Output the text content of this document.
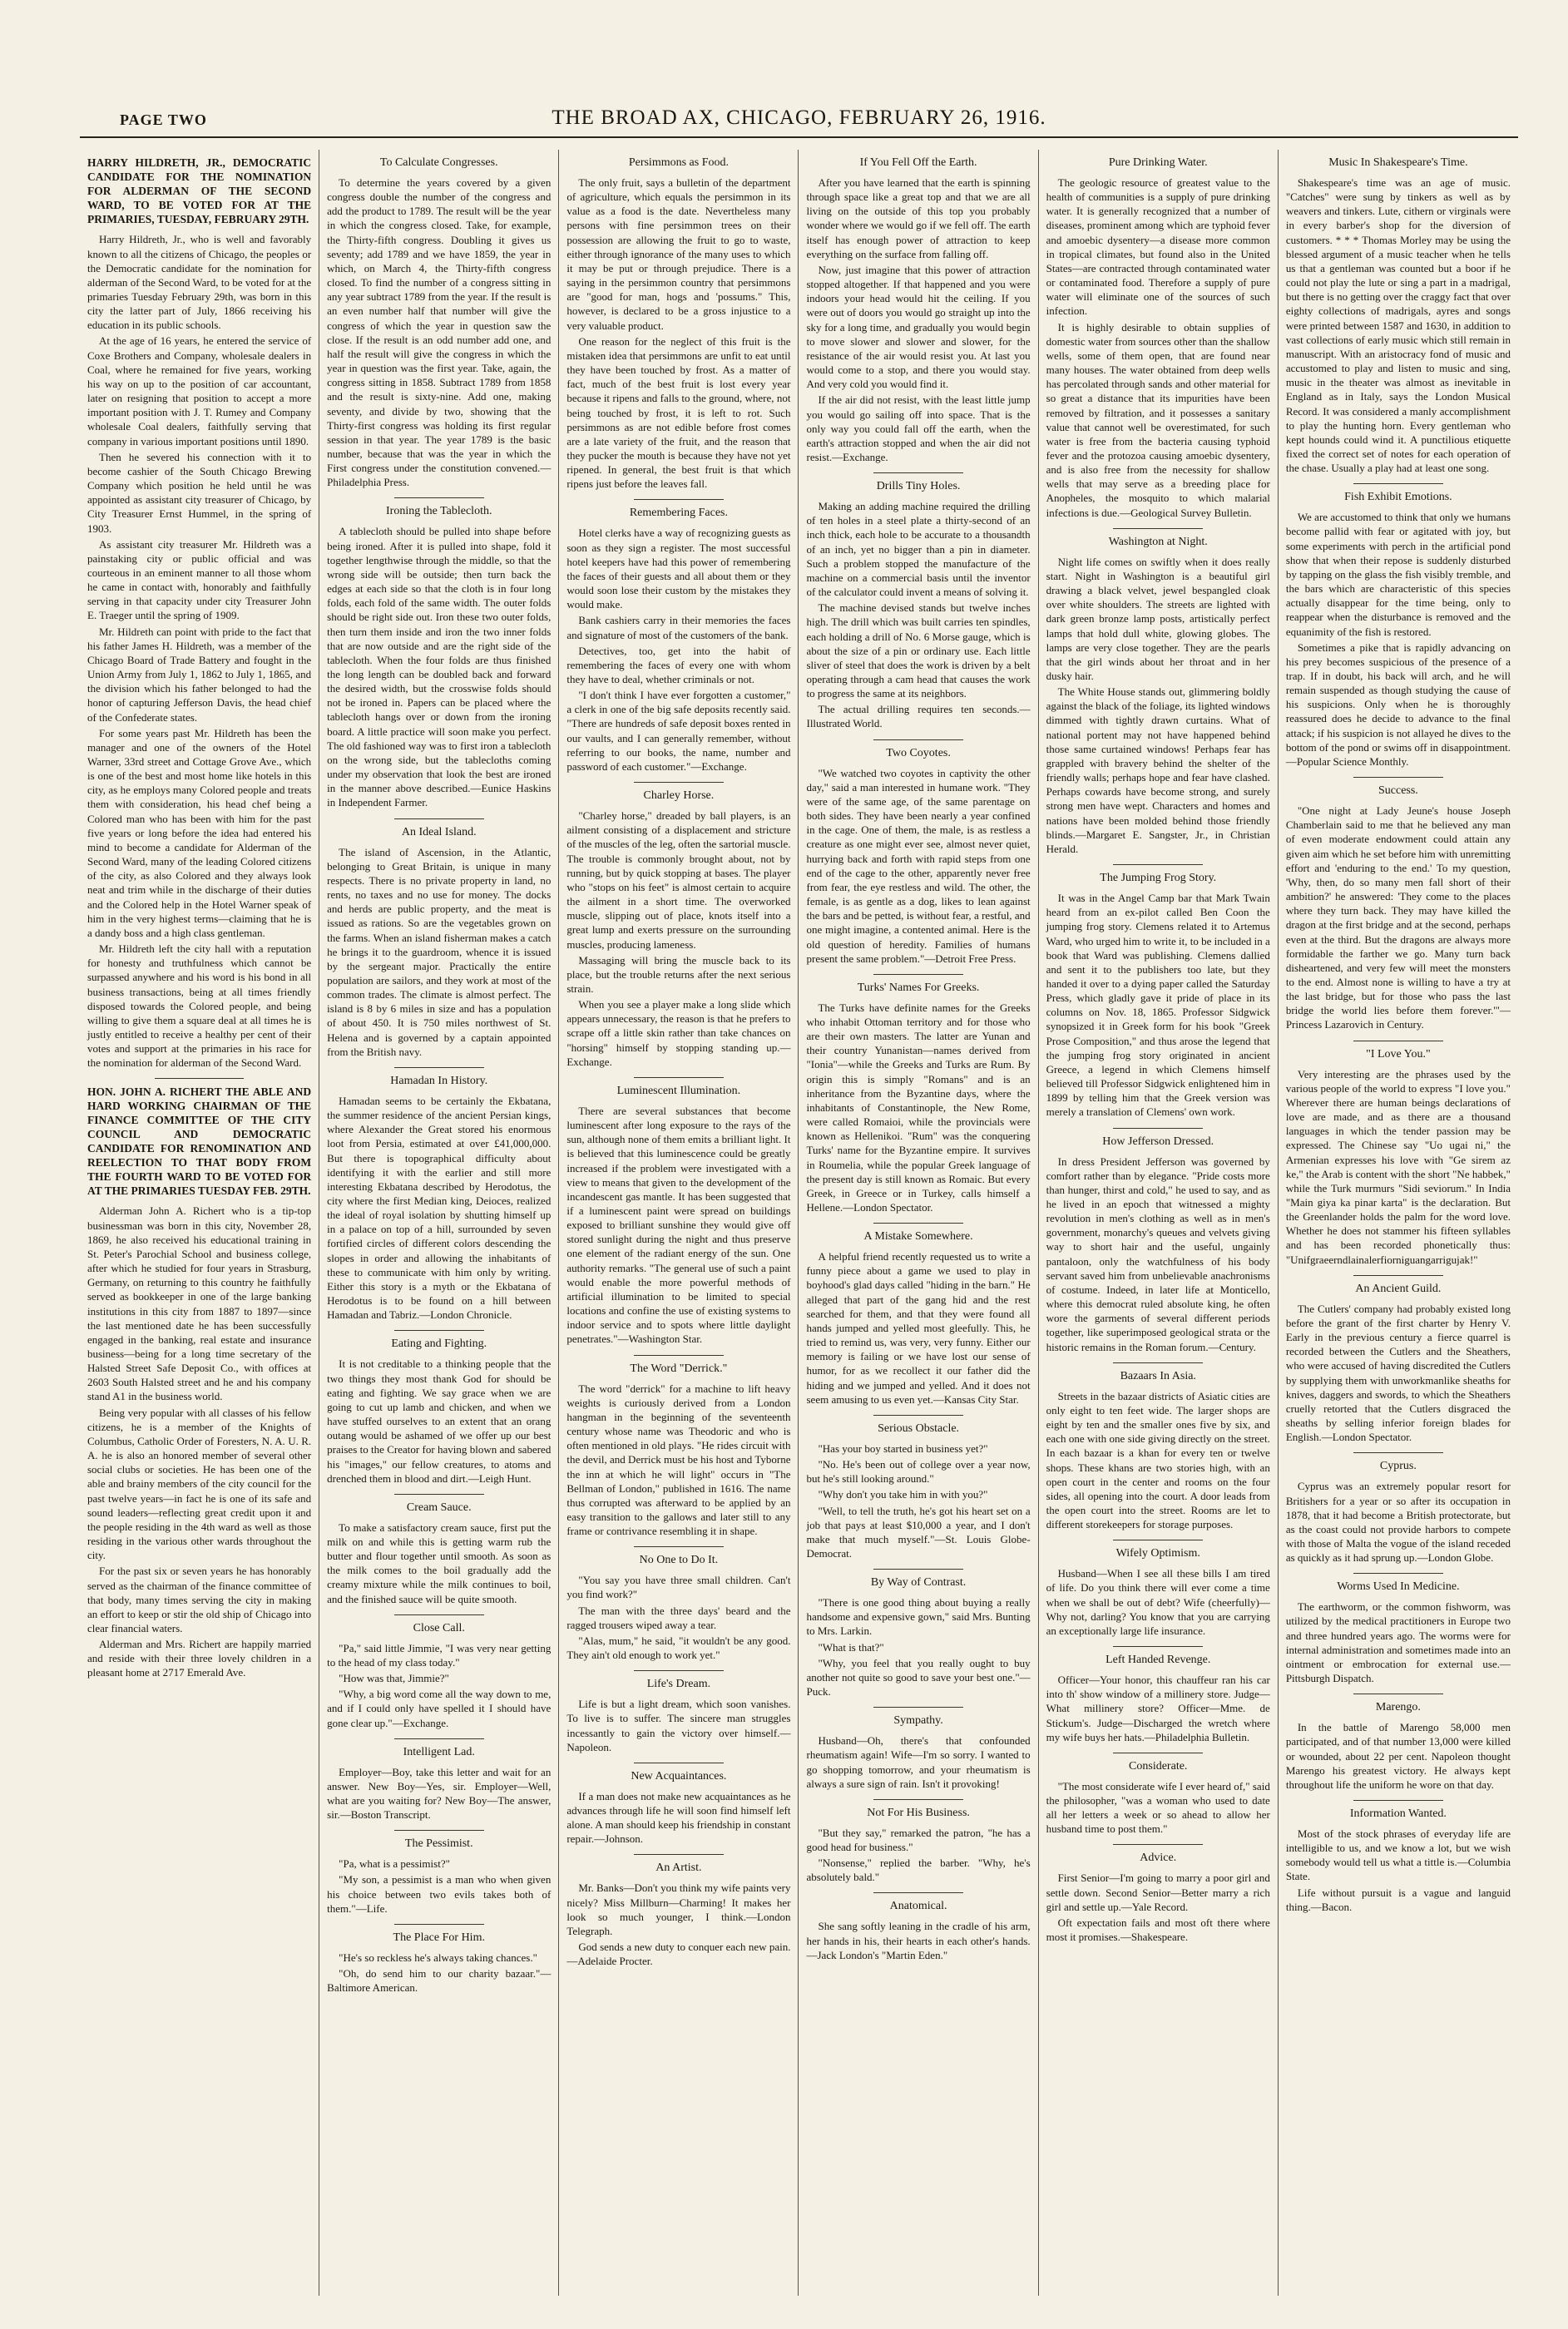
PAGE TWO	THE BROAD AX, CHICAGO, FEBRUARY 26, 1916.
HARRY HILDRETH, JR., DEMOCRATIC CANDIDATE FOR THE NOMINATION FOR ALDERMAN OF THE SECOND WARD, TO BE VOTED FOR AT THE PRIMARIES, TUESDAY, FEBRUARY 29TH.

Harry Hildreth, Jr., who is well and favorably known to all the citizens of Chicago, the peoples or the Democratic candidate for the nomination for alderman of the Second Ward, to be voted for at the primaries Tuesday February 29th, was born in this city the latter part of July, 1866 receiving his education in its public schools.

At the age of 16 years, he entered the service of Coxe Brothers and Company, wholesale dealers in Coal, where he remained for five years, working his way on up to the position of car accountant, later on resigning that position to accept a more important position with J. T. Rumey and Company wholesale Coal dealers, faithfully serving that company in various important positions until 1890.

Then he severed his connection with it to become cashier of the South Chicago Brewing Company which position he held until he was appointed as assistant city treasurer of Chicago, by City Treasurer Ernst Hummel, in the spring of 1903.

As assistant city treasurer Mr. Hildreth was a painstaking city or public official and was courteous in an eminent manner to all those whom he came in contact with, honorably and faithfully serving in that capacity under city Treasurer John E. Traeger until the spring of 1909.

Mr. Hildreth can point with pride to the fact that his father James H. Hildreth, was a member of the Chicago Board of Trade Battery and fought in the Union Army from July 1, 1862 to July 1, 1865, and the division which his father belonged to had the honor of capturing Jefferson Davis, the head chief of the Confederate states.

For some years past Mr. Hildreth has been the manager and one of the owners of the Hotel Warner, 33rd street and Cottage Grove Ave., which is one of the best and most home like hotels in this city, as he employs many Colored people and treats them with consideration, his head chef being a Colored man who has been with him for the past five years or long before the idea had entered his mind to become a candidate for Alderman of the Second Ward, many of the leading Colored citizens of the city, as also Colored and they always look neat and trim while in the discharge of their duties and the Colored help in the Hotel Warner speak of him in the very highest terms—claiming that he is a dandy boss and a high class gentleman.

Mr. Hildreth left the city hall with a reputation for honesty and truthfulness which cannot be surpassed anywhere and his word is his bond in all business transactions, being at all times friendly disposed towards the Colored people, and being willing to give them a square deal at all times he is justly entitled to receive a healthy per cent of their votes and support at the primaries in his race for the nomination for alderman of the Second Ward.

HON. JOHN A. RICHERT THE ABLE AND HARD WORKING CHAIRMAN OF THE FINANCE COMMITTEE OF THE CITY COUNCIL AND DEMOCRATIC CANDIDATE FOR RENOMINATION AND REELECTION TO THAT BODY FROM THE FOURTH WARD TO BE VOTED FOR AT THE PRIMARIES TUESDAY FEB. 29TH.

Alderman John A. Richert who is a tip-top businessman was born in this city, November 28, 1869, he also received his educational training in St. Peter's Parochial School and business college, after which he studied for four years in Strasburg, Germany, on returning to this country he faithfully served as bookkeeper in one of the large banking institutions in this city from 1887 to 1897—since the last mentioned date he has been successfully engaged in the banking, real estate and insurance business—being for a long time secretary of the Halsted Street Safe Deposit Co., with offices at 2603 South Halsted street and he and his company stand A1 in the business world.

Being very popular with all classes of his fellow citizens, he is a member of the Knights of Columbus, Catholic Order of Foresters, N. A. U. R. A. he is also an honored member of several other social clubs or societies. He has been one of the able and brainy members of the city council for the past twelve years—in fact he is one of its safe and sound leaders—reflecting great credit upon it and the people residing in the 4th ward as well as those residing in the various other wards throughout the city.

For the past six or seven years he has honorably served as the chairman of the finance committee of that body, many times serving the city in making an effort to keep or stir the old ship of Chicago into clear financial waters.

Alderman and Mrs. Richert are happily married and reside with their three lovely children in a pleasant home at 2717 Emerald Ave.

To Calculate Congresses.

To determine the years covered by a given congress double the number of the congress and add the product to 1789. The result will be the year in which the congress closed. Take, for example, the Thirty-fifth congress. Doubling it gives us seventy; add 1789 and we have 1859, the year in which, on March 4, the Thirty-fifth congress closed. To find the number of a congress sitting in any year subtract 1789 from the year. If the result is an even number half that number will give the congress of which the year in question saw the close. If the result is an odd number add one, and half the result will give the congress in which the year in question was the first year. Take, again, the congress sitting in 1858. Subtract 1789 from 1858 and the result is sixty-nine. Add one, making seventy, and divide by two, showing that the Thirty-first congress was holding its first regular session in that year. The year 1789 is the basic number, because that was the year in which the First congress under the constitution convened.—Philadelphia Press.

Ironing the Tablecloth.

A tablecloth should be pulled into shape before being ironed. After it is pulled into shape, fold it together lengthwise through the middle, so that the wrong side will be outside; then turn back the edges at each side so that the cloth is in four long folds, each fold of the same width. The outer folds should be right side out. Iron these two outer folds, then turn them inside and iron the two inner folds that are now outside and are the right side of the tablecloth. When the four folds are thus finished the long length can be doubled back and forward the desired width, but the crosswise folds should not be ironed in. Papers can be placed where the tablecloth hangs over or down from the ironing board. A little practice will soon make you perfect. The old fashioned way was to first iron a tablecloth on the wrong side, but the tablecloths coming under my observation that look the best are ironed in the manner above described.—Eunice Haskins in Independent Farmer.

An Ideal Island.

The island of Ascension, in the Atlantic, belonging to Great Britain, is unique in many respects. There is no private property in land, no rents, no taxes and no use for money. The docks and herds are public property, and the meat is issued as rations. So are the vegetables grown on the farms. When an island fisherman makes a catch he brings it to the guardroom, whence it is issued by the sergeant major. Practically the entire population are sailors, and they work at most of the common trades. The climate is almost perfect. The island is 8 by 6 miles in size and has a population of about 450. It is 750 miles northwest of St. Helena and is governed by a captain appointed from the British navy.

Hamadan In History.

Hamadan seems to be certainly the Ekbatana, the summer residence of the ancient Persian kings, where Alexander the Great stored his enormous loot from Persia, estimated at over £41,000,000. But there is topographical difficulty about identifying it with the earlier and still more interesting Ekbatana described by Herodotus, the city where the first Median king, Deioces, realized the ideal of royal isolation by shutting himself up in a palace on top of a hill, surrounded by seven fortified circles of different colors descending the slopes in order and allowing the inhabitants of these to communicate with him only by writing. Either this story is a myth or the Ekbatana of Herodotus is to be found on a hill between Hamadan and Tabriz.—London Chronicle.

Eating and Fighting.

It is not creditable to a thinking people that the two things they most thank God for should be eating and fighting. We say grace when we are going to cut up lamb and chicken, and when we have stuffed ourselves to an extent that an orang outang would be ashamed of we offer up our best praises to the Creator for having blown and sabered his "images," our fellow creatures, to atoms and drenched them in blood and dirt.—Leigh Hunt.

Cream Sauce.

To make a satisfactory cream sauce, first put the milk on and while this is getting warm rub the butter and flour together until smooth. As soon as the milk comes to the boil gradually add the creamy mixture while the milk continues to boil, and the finished sauce will be quite smooth.

Close Call.

"Pa," said little Jimmie, "I was very near getting to the head of my class today."

"How was that, Jimmie?"

"Why, a big word come all the way down to me, and if I could only have spelled it I should have gone clear up."—Exchange.

Intelligent Lad.

Employer—Boy, take this letter and wait for an answer. New Boy—Yes, sir. Employer—Well, what are you waiting for? New Boy—The answer, sir.—Boston Transcript.

The Pessimist.

"Pa, what is a pessimist?"

"My son, a pessimist is a man who when given his choice between two evils takes both of them."—Life.

The Place For Him.

"He's so reckless he's always taking chances."

"Oh, do send him to our charity bazaar."—Baltimore American.

Persimmons as Food.

The only fruit, says a bulletin of the department of agriculture, which equals the persimmon in its value as a food is the date. Nevertheless many persons with fine persimmon trees on their possession are allowing the fruit to go to waste, either through ignorance of the many uses to which it may be put or through prejudice. There is a saying in the persimmon country that persimmons are "good for man, hogs and 'possums." This, however, is declared to be a gross injustice to a very valuable product.

One reason for the neglect of this fruit is the mistaken idea that persimmons are unfit to eat until they have been touched by frost. As a matter of fact, much of the best fruit is lost every year because it ripens and falls to the ground, where, not being touched by frost, it is left to rot. Such persimmons as are not edible before frost comes are a late variety of the fruit, and the reason that they pucker the mouth is because they have not yet ripened. In general, the best fruit is that which ripens just before the leaves fall.

Remembering Faces.

Hotel clerks have a way of recognizing guests as soon as they sign a register. The most successful hotel keepers have had this power of remembering the faces of their guests and all about them or they would soon lose their custom by the mistakes they would make.

Bank cashiers carry in their memories the faces and signature of most of the customers of the bank.

Detectives, too, get into the habit of remembering the faces of every one with whom they have to deal, whether criminals or not.

"I don't think I have ever forgotten a customer," a clerk in one of the big safe deposits recently said. "There are hundreds of safe deposit boxes rented in our vaults, and I can generally remember, without referring to our books, the name, number and password of each customer."—Exchange.

Charley Horse.

"Charley horse," dreaded by ball players, is an ailment consisting of a displacement and stricture of the muscles of the leg, often the sartorial muscle. The trouble is commonly brought about, not by running, but by quick stopping at bases. The player who "stops on his feet" is almost certain to acquire the ailment in a short time. The overworked muscle, slipping out of place, knots itself into a great lump and exerts pressure on the surrounding muscles, producing lameness.

Massaging will bring the muscle back to its place, but the trouble returns after the next serious strain.

When you see a player make a long slide which appears unnecessary, the reason is that he prefers to scrape off a little skin rather than take chances on "horsing" himself by stopping standing up.—Exchange.

Luminescent Illumination.

There are several substances that become luminescent after long exposure to the rays of the sun, although none of them emits a brilliant light. It is believed that this luminescence could be greatly increased if the problem were investigated with a view to means that given to the development of the incandescent gas mantle. It has been suggested that if a luminescent paint were spread on buildings exposed to brilliant sunshine they would give off stored sunlight during the night and thus preserve one element of the radiant energy of the sun. One authority remarks. "The general use of such a paint would enable the more powerful methods of artificial illumination to be limited to special locations and confine the use of existing systems to indoor service and to spots where little daylight penetrates."—Washington Star.

The Word "Derrick."

The word "derrick" for a machine to lift heavy weights is curiously derived from a London hangman in the beginning of the seventeenth century whose name was Theodoric and who is often mentioned in old plays. "He rides circuit with the devil, and Derrick must be his host and Tyborne the inn at which he will light" occurs in "The Bellman of London," published in 1616. The name thus corrupted was afterward to be applied by an easy transition to the gallows and later still to any frame or contrivance resembling it in shape.

No One to Do It.

"You say you have three small children. Can't you find work?"

The man with the three days' beard and the ragged trousers wiped away a tear.

"Alas, mum," he said, "it wouldn't be any good. They ain't old enough to work yet."

Life's Dream.

Life is but a light dream, which soon vanishes. To live is to suffer. The sincere man struggles incessantly to gain the victory over himself.—Napoleon.

New Acquaintances.

If a man does not make new acquaintances as he advances through life he will soon find himself left alone. A man should keep his friendship in constant repair.—Johnson.

An Artist.

Mr. Banks—Don't you think my wife paints very nicely? Miss Millburn—Charming! It makes her look so much younger, I think.—London Telegraph.

God sends a new duty to conquer each new pain.—Adelaide Procter.

If You Fell Off the Earth.

After you have learned that the earth is spinning through space like a great top and that we are all living on the outside of this top you probably wonder where we would go if we fell off. The earth itself has enough power of attraction to keep everything on the surface from falling off.

Now, just imagine that this power of attraction stopped altogether. If that happened and you were indoors your head would hit the ceiling. If you were out of doors you would go straight up into the sky for a long time, and gradually you would begin to move slower and slower and slower, for the resistance of the air would resist you. At last you would come to a stop, and there you would stay. And very cold you would find it.

If the air did not resist, with the least little jump you would go sailing off into space. That is the only way you could fall off the earth, when the earth's attraction stopped and when the air did not resist.—Exchange.

Drills Tiny Holes.

Making an adding machine required the drilling of ten holes in a steel plate a thirty-second of an inch thick, each hole to be accurate to a thousandth of an inch, yet no bigger than a pin in diameter. Such a problem stopped the manufacture of the machine on a commercial basis until the inventor of the calculator could invent a means of solving it.

The machine devised stands but twelve inches high. The drill which was built carries ten spindles, each holding a drill of No. 6 Morse gauge, which is about the size of a pin or ordinary use. Each little sliver of steel that does the work is driven by a belt operating through a cam head that causes the work to progress the same at its neighbors.

The actual drilling requires ten seconds.—Illustrated World.

Two Coyotes.

"We watched two coyotes in captivity the other day," said a man interested in humane work. "They were of the same age, of the same parentage on both sides. They have been nearly a year confined in the cage. One of them, the male, is as restless a creature as one might ever see, almost never quiet, hurrying back and forth with rapid steps from one end of the cage to the other, apparently never free from fear, the eye restless and wild. The other, the female, is as gentle as a dog, likes to lean against the bars and be petted, is without fear, a restful, and one might imagine, a contented animal. Here is the old question of heredity. Families of humans present the same problem."—Detroit Free Press.

Turks' Names For Greeks.

The Turks have definite names for the Greeks who inhabit Ottoman territory and for those who are their own masters. The latter are Yunan and their country Yunanistan—names derived from "Ionia"—while the Greeks and Turks are Rum. By origin this is simply "Romans" and is an inheritance from the Byzantine days, where the inhabitants of Constantinople, the New Rome, were called Romaioi, while the provincials were known as Hellenikoi. "Rum" was the conquering Turks' name for the Byzantine empire. It survives in Roumelia, while the popular Greek language of the present day is still known as Romaic. But every Greek, in Greece or in Turkey, calls himself a Hellene.—London Spectator.

A Mistake Somewhere.

A helpful friend recently requested us to write a funny piece about a game we used to play in boyhood's glad days called "hiding in the barn." He alleged that part of the gang hid and the rest searched for them, and that they were found all hands jumped and yelled most gleefully. This, he tried to remind us, was very, very funny. Either our memory is failing or we have lost our sense of humor, for as we recollect it our father did the hiding and we jumped and yelled. And it does not seem amusing to us even yet.—Kansas City Star.

Serious Obstacle.

"Has your boy started in business yet?"

"No. He's been out of college over a year now, but he's still looking around."

"Why don't you take him in with you?"

"Well, to tell the truth, he's got his heart set on a job that pays at least $10,000 a year, and I don't make that much myself."—St. Louis Globe-Democrat.

By Way of Contrast.

"There is one good thing about buying a really handsome and expensive gown," said Mrs. Bunting to Mrs. Larkin.

"What is that?"

"Why, you feel that you really ought to buy another not quite so good to save your best one."—Puck.

Sympathy.

Husband—Oh, there's that confounded rheumatism again! Wife—I'm so sorry. I wanted to go shopping tomorrow, and your rheumatism is always a sure sign of rain. Isn't it provoking!

Not For His Business.

"But they say," remarked the patron, "he has a good head for business."

"Nonsense," replied the barber. "Why, he's absolutely bald."

Anatomical.

She sang softly leaning in the cradle of his arm, her hands in his, their hearts in each other's hands.—Jack London's "Martin Eden."

Pure Drinking Water.

The geologic resource of greatest value to the health of communities is a supply of pure drinking water. It is generally recognized that a number of diseases, prominent among which are typhoid fever and amoebic dysentery—a disease more common in tropical climates, but found also in the United States—are contracted through contaminated water or contaminated food. Therefore a supply of pure water will eliminate one of the sources of such infection.

It is highly desirable to obtain supplies of domestic water from sources other than the shallow wells, some of them open, that are found near many houses. The water obtained from deep wells has percolated through sands and other material for so great a distance that its impurities have been removed by filtration, and it possesses a sanitary value that cannot well be overestimated, for such water is free from the bacteria causing typhoid fever and the protozoa causing amoebic dysentery, and is also free from the necessity for shallow wells that may serve as a breeding place for Anopheles, the mosquito to which malarial infections is due.—Geological Survey Bulletin.

Washington at Night.

Night life comes on swiftly when it does really start. Night in Washington is a beautiful girl drawing a black velvet, jewel bespangled cloak over white shoulders. The streets are lighted with dark green bronze lamp posts, artistically perfect lamps that hold dull white, glowing globes. The lamps are very close together. They are the pearls that the girl winds about her throat and in her dusky hair.

The White House stands out, glimmering boldly against the black of the foliage, its lighted windows dimmed with tightly drawn curtains. What of national portent may not have happened behind those same curtained windows! Perhaps fear has grappled with bravery behind the shelter of the friendly walls; perhaps hope and fear have clashed. Perhaps cowards have become strong, and surely strong men have wept. Characters and homes and nations have been molded behind those friendly blinds.—Margaret E. Sangster, Jr., in Christian Herald.

The Jumping Frog Story.

It was in the Angel Camp bar that Mark Twain heard from an ex-pilot called Ben Coon the jumping frog story. Clemens related it to Artemus Ward, who urged him to write it, to be included in a book that Ward was publishing. Clemens dallied and sent it to the publishers too late, but they handed it over to a dying paper called the Saturday Press, which gladly gave it pride of place in its columns on Nov. 18, 1865. Professor Sidgwick synopsized it in Greek form for his book "Greek Prose Composition," and thus arose the legend that the jumping frog story originated in ancient Greece, a legend in which Clemens himself believed till Professor Sidgwick enlightened him in 1899 by telling him that the Greek version was merely a translation of Clemens' own work.

How Jefferson Dressed.

In dress President Jefferson was governed by comfort rather than by elegance. "Pride costs more than hunger, thirst and cold," he used to say, and as he lived in an epoch that witnessed a mighty revolution in men's clothing as well as in men's government, monarchy's queues and velvets giving way to short hair and the useful, ungainly pantaloon, only the watchfulness of his body servant saved him from unbelievable anachronisms of costume. Indeed, in later life at Monticello, where this democrat ruled absolute king, he often wore the garments of several different periods together, like superimposed geological strata or the historic remains in the Roman forum.—Century.

Bazaars In Asia.

Streets in the bazaar districts of Asiatic cities are only eight to ten feet wide. The larger shops are eight by ten and the smaller ones five by six, and each one with one side giving directly on the street. In each bazaar is a khan for every ten or twelve shops. These khans are two stories high, with an open court in the center and rooms on the four sides, all opening into the court. A door leads from the open court into the street. Rooms are let to different storekeepers for storage purposes.

Wifely Optimism.

Husband—When I see all these bills I am tired of life. Do you think there will ever come a time when we shall be out of debt? Wife (cheerfully)—Why not, darling? You know that you are carrying an exceptionally large life insurance.

Left Handed Revenge.

Officer—Your honor, this chauffeur ran his car into th' show window of a millinery store. Judge—What millinery store? Officer—Mme. de Stickum's. Judge—Discharged the wretch where my wife buys her hats.—Philadelphia Bulletin.

Considerate.

"The most considerate wife I ever heard of," said the philosopher, "was a woman who used to date all her letters a week or so ahead to allow her husband time to post them."

Advice.

First Senior—I'm going to marry a poor girl and settle down. Second Senior—Better marry a rich girl and settle up.—Yale Record.

Oft expectation fails and most oft there where most it promises.—Shakespeare.

Music In Shakespeare's Time.

Shakespeare's time was an age of music. "Catches" were sung by tinkers as well as by weavers and tinkers. Lute, cithern or virginals were in every barber's shop for the diversion of customers. * * * Thomas Morley may be using the blessed argument of a music teacher when he tells us that a gentleman was counted but a boor if he could not play the lute or sing a part in a madrigal, but there is no getting over the craggy fact that over eighty collections of madrigals, ayres and songs were printed between 1587 and 1630, in addition to vast collections of early music which still remain in manuscript. With an aristocracy fond of music and accustomed to play and listen to music and sing, music in the theater was almost as inevitable in England as in Italy, says the London Musical Record. It was considered a manly accomplishment to play the hunting horn. Every gentleman who kept hounds could wind it. A punctilious etiquette fixed the correct set of notes for each operation of the chase. Usually a play had at least one song.

Fish Exhibit Emotions.

We are accustomed to think that only we humans become pallid with fear or agitated with joy, but some experiments with perch in the artificial pond show that when their repose is suddenly disturbed by tapping on the glass the fish visibly tremble, and the bars which are characteristic of this species actually disappear for the time being, only to reappear when the disturbance is removed and the equanimity of the fish is restored.

Sometimes a pike that is rapidly advancing on his prey becomes suspicious of the presence of a trap. If in doubt, his back will arch, and he will remain suspended as though studying the cause of his suspicions. Only when he is thoroughly reassured does he decide to advance to the final attack; if his suspicion is not allayed he dives to the bottom of the pond or swims off in disappointment.—Popular Science Monthly.

Success.

"One night at Lady Jeune's house Joseph Chamberlain said to me that he believed any man of even moderate endowment could attain any given aim which he set before him with unremitting effort and 'enduring to the end.' To my question, 'Why, then, do so many men fall short of their ambition?' he answered: 'They come to the places where they turn back. They may have killed the dragon at the first bridge and at the second, perhaps even at the third. But the dragons are always more formidable the farther we go. Many turn back disheartened, and very few will meet the monsters to the end. Almost none is willing to have a try at the last bridge, but for those who pass the last bridge the world lies before them forever.'"—Princess Lazarovich in Century.

"I Love You."

Very interesting are the phrases used by the various people of the world to express "I love you." Wherever there are human beings declarations of love are made, and as there are a thousand languages in which the tender passion may be expressed. The Chinese say "Uo ugai ni," the Armenian expresses his love with "Ge sirem az ke," the Arab is content with the short "Ne habbek," while the Turk murmurs "Sidi seviorum." In India "Main giya ka pinar karta" is the declaration. But the Greenlander holds the palm for the word love. Whether he does not stammer his fifteen syllables and has been recorded phonetically thus: "Unifgraeerndlainalerfiorniguangarrigujak!"

An Ancient Guild.

The Cutlers' company had probably existed long before the grant of the first charter by Henry V. Early in the previous century a fierce quarrel is recorded between the Cutlers and the Sheathers, who were accused of having discredited the Cutlers by supplying them with unworkmanlike sheaths for knives, daggers and swords, to which the Sheathers cruelly retorted that the Cutlers disgraced the sheaths by selling inferior foreign blades for English.—London Spectator.

Cyprus.

Cyprus was an extremely popular resort for Britishers for a year or so after its occupation in 1878, that it had become a British protectorate, but as the coast could not provide harbors to compete with those of Malta the vogue of the island receded as quickly as it had sprung up.—London Globe.

Worms Used In Medicine.

The earthworm, or the common fishworm, was utilized by the medical practitioners in Europe two and three hundred years ago. The worms were for internal administration and sometimes made into an ointment or embrocation for external use.—Pittsburgh Dispatch.

Marengo.

In the battle of Marengo 58,000 men participated, and of that number 13,000 were killed or wounded, about 22 per cent. Napoleon thought Marengo his greatest victory. He always kept throughout life the uniform he wore on that day.

Information Wanted.

Most of the stock phrases of everyday life are intelligible to us, and we know a lot, but we wish somebody would tell us what a tittle is.—Columbia State.

Life without pursuit is a vague and languid thing.—Bacon.
